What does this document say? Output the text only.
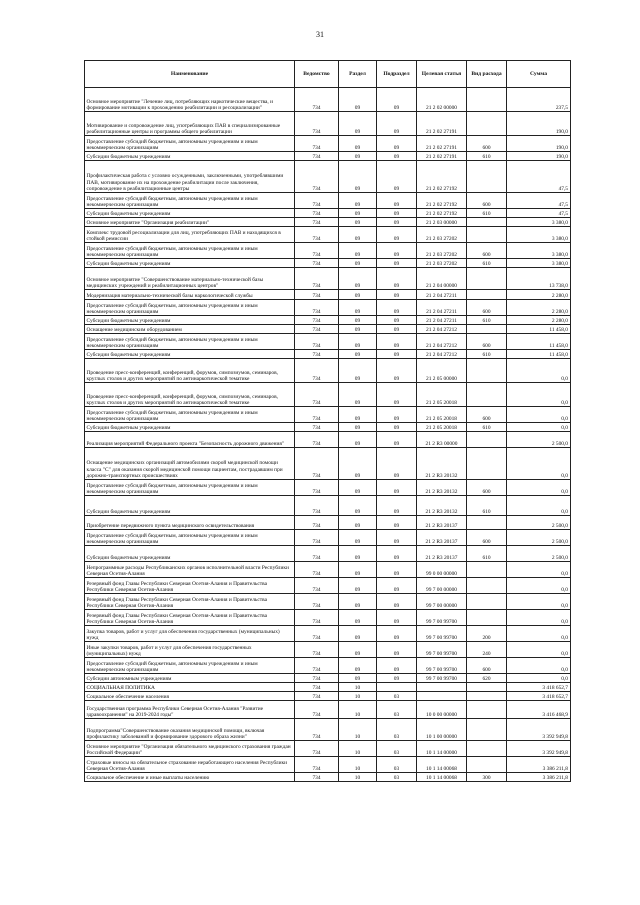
31
Наименование	Ведомство	Раздел	Подраздел	Целевая статья	Вид расхода	Сумма
Основное мероприятие "Лечение лиц, потребляющих наркотические вещества, и формирование мотивации к прохождению реабилитации и ресоциализации"	734	09	09	21 2 02 00000		237,5
Мотивирование и сопровождение лиц, употребляющих ПАВ в специализированные реабилитационные центры и программы общего реабилитации	734	09	09	21 2 02 27191		190,0
Предоставление субсидий бюджетным, автономным учреждениям и иным некоммерческим организациям	734	09	09	21 2 02 27191	600	190,0
Субсидии бюджетным учреждениям	734	09	09	21 2 02 27191	610	190,0
Профилактическая работа с условно осужденными, заключенными, употреблявшими ПАВ, мотивирование их на прохождение реабилитации после заключения, сопровождение в реабилитационные центры	734	09	09	21 2 02 27192		47,5
Предоставление субсидий бюджетным, автономным учреждениям и иным некоммерческим организациям	734	09	09	21 2 02 27192	600	47,5
Субсидии бюджетным учреждениям	734	09	09	21 2 02 27192	610	47,5
Основное мероприятие "Организация реабилитации"	734	09	09	21 2 03 00000		3 380,0
Комплекс трудовой ресоциализации для лиц, употребляющих ПАВ и находящихся в стойкой ремиссии	734	09	09	21 2 03 27202		3 380,0
Предоставление субсидий бюджетным, автономным учреждениям и иным некоммерческим организациям	734	09	09	21 2 03 27202	600	3 380,0
Субсидии бюджетным учреждениям	734	09	09	21 2 03 27202	610	3 380,0
Основное мероприятие "Совершенствование материально-технической базы медицинских учреждений и реабилитационных центров"	734	09	09	21 2 04 00000		13 738,0
Модернизация материально-технической базы наркологической службы	734	09	09	21 2 04 27211		2 280,0
Предоставление субсидий бюджетным, автономным учреждениям и иным некоммерческим организациям	734	09	09	21 2 04 27211	600	2 280,0
Субсидии бюджетным учреждениям	734	09	09	21 2 04 27211	610	2 280,0
Оснащение медицинским оборудованием	734	09	09	21 2 04 27212		11 458,0
Предоставление субсидий бюджетным, автономным учреждениям и иным некоммерческим организациям	734	09	09	21 2 04 27212	600	11 458,0
Субсидии бюджетным учреждениям	734	09	09	21 2 04 27212	610	11 458,0
Проведение пресс-конференций, конференций, форумов, симпозиумов, семинаров, круглых столов и других мероприятий по антинаркотической тематике	734	09	09	21 2 05 00000		0,0
Проведение пресс-конференций, конференций, форумов, симпозиумов, семинаров, круглых столов и других мероприятий по антинаркотической тематике	734	09	09	21 2 05 20018		0,0
Предоставление субсидий бюджетным, автономным учреждениям и иным некоммерческим организациям	734	09	09	21 2 05 20018	600	0,0
Субсидии бюджетным учреждениям	734	09	09	21 2 05 20018	610	0,0
Реализация мероприятий Федерального проекта "Безопасность дорожного движения"	734	09	09	21 2 R3 00000		2 500,0
Оснащение медицинских организаций автомобилями скорой медицинской помощи класса "С" для оказания скорой медицинской помощи пациентам, пострадавшим при дорожно-транспортных происшествиях	734	09	09	21 2 R3 20132		0,0
Предоставление субсидий бюджетным, автономным учреждениям и иным некоммерческим организациям	734	09	09	21 2 R3 20132	600	0,0
Субсидии бюджетным учреждениям	734	09	09	21 2 R3 20132	610	0,0
Приобретение передвижного пункта медицинского освидетельствования	734	09	09	21 2 R3 20137		2 500,0
Предоставление субсидий бюджетным, автономным учреждениям и иным некоммерческим организациям	734	09	09	21 2 R3 20137	600	2 500,0
Субсидии бюджетным учреждениям	734	09	09	21 2 R3 20137	610	2 500,0
Непрограммные расходы Республиканских органов исполнительной власти Республики Северная Осетия-Алания	734	09	09	99 0 00 00000		0,0
Резервный фонд Главы Республики Северная Осетия-Алания и Правительства Республики Северная Осетия-Алания	734	09	09	99 7 00 00000		0,0
Резервный фонд Главы Республики Северная Осетия-Алания и Правительства Республики Северная Осетия-Алания	734	09	09	99 7 00 00000		0,0
Резервный фонд Главы Республики Северная Осетия-Алания и Правительства Республики Северная Осетия-Алания	734	09	09	99 7 00 99700		0,0
Закупка товаров, работ и услуг для обеспечения государственных (муниципальных) нужд	734	09	09	99 7 00 99700	200	0,0
Иные закупки товаров, работ и услуг для обеспечения государственных (муниципальных) нужд	734	09	09	99 7 00 99700	240	0,0
Предоставление субсидий бюджетным, автономным учреждениям и иным некоммерческим организациям	734	09	09	99 7 00 99700	600	0,0
Субсидии автономным учреждениям	734	09	09	99 7 00 99700	620	0,0
СОЦИАЛЬНАЯ ПОЛИТИКА	734	10				3 418 652,7
Социальное обеспечение населения	734	10	03			3 418 652,7
Государственная программа Республики Северная Осетия-Алания "Развитие здравоохранения" на 2019-2024 годы"	734	10	03	10 0 00 00000		3 416 468,9
Подпрограмма"Совершенствование оказания медицинской помощи, включая профилактику заболеваний и формирование здорового образа жизни"	734	10	03	10 1 00 00000		3 392 949,8
Основное мероприятие "Организация обязательного медицинского страхования граждан Российской Федерации"	734	10	03	10 1 14 00000		3 392 949,8
Страховые взносы на обязательное страхование неработающего населения Республики Северная Осетия-Алания	734	10	03	10 1 14 00068		3 386 211,8
Социальное обеспечение и иные выплаты населению	734	10	03	10 1 14 00068	300	3 386 211,8
